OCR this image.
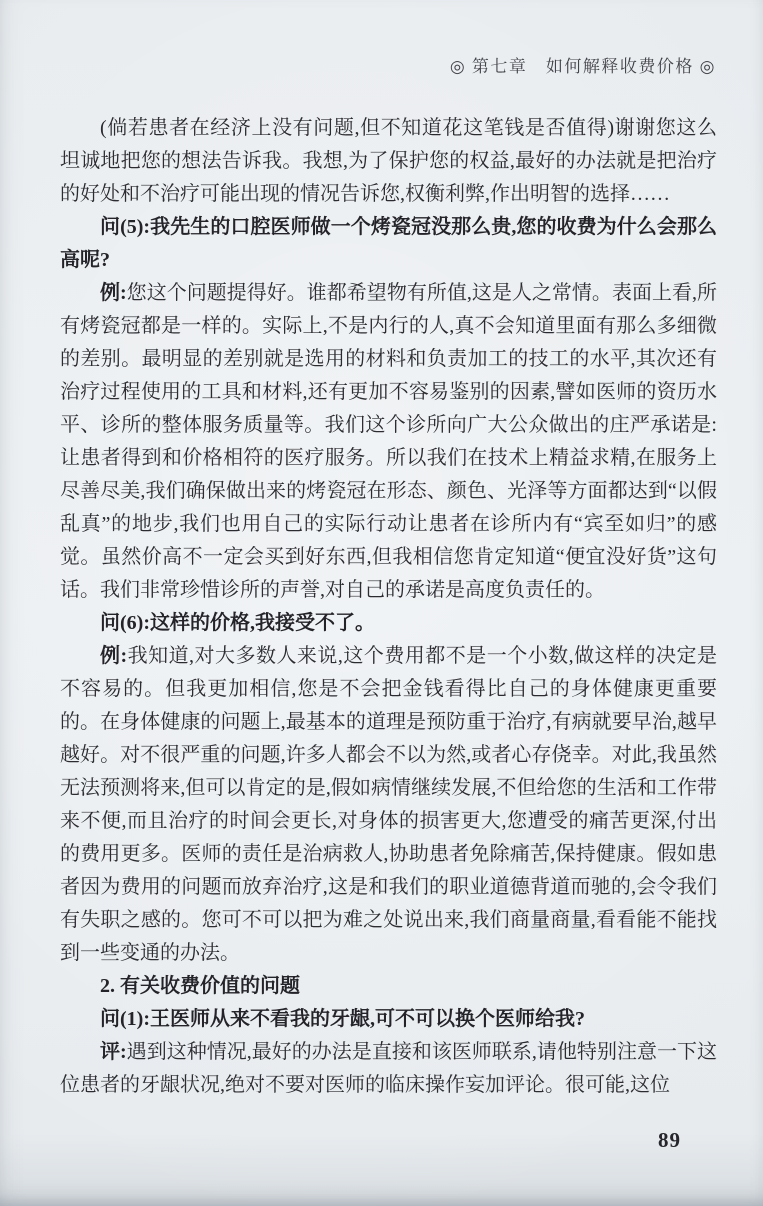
◎ 第七章　如何解释收费价格 ◎

(倘若患者在经济上没有问题,但不知道花这笔钱是否值得)谢谢您这么坦诚地把您的想法告诉我。我想,为了保护您的权益,最好的办法就是把治疗的好处和不治疗可能出现的情况告诉您,权衡利弊,作出明智的选择……

问(5):我先生的口腔医师做一个烤瓷冠没那么贵,您的收费为什么会那么高呢?

例:您这个问题提得好。谁都希望物有所值,这是人之常情。表面上看,所有烤瓷冠都是一样的。实际上,不是内行的人,真不会知道里面有那么多细微的差别。最明显的差别就是选用的材料和负责加工的技工的水平,其次还有治疗过程使用的工具和材料,还有更加不容易鉴别的因素,譬如医师的资历水平、诊所的整体服务质量等。我们这个诊所向广大公众做出的庄严承诺是:让患者得到和价格相符的医疗服务。所以我们在技术上精益求精,在服务上尽善尽美,我们确保做出来的烤瓷冠在形态、颜色、光泽等方面都达到“以假乱真”的地步,我们也用自己的实际行动让患者在诊所内有“宾至如归”的感觉。虽然价高不一定会买到好东西,但我相信您肯定知道“便宜没好货”这句话。我们非常珍惜诊所的声誉,对自己的承诺是高度负责任的。

问(6):这样的价格,我接受不了。

例:我知道,对大多数人来说,这个费用都不是一个小数,做这样的决定是不容易的。但我更加相信,您是不会把金钱看得比自己的身体健康更重要的。在身体健康的问题上,最基本的道理是预防重于治疗,有病就要早治,越早越好。对不很严重的问题,许多人都会不以为然,或者心存侥幸。对此,我虽然无法预测将来,但可以肯定的是,假如病情继续发展,不但给您的生活和工作带来不便,而且治疗的时间会更长,对身体的损害更大,您遭受的痛苦更深,付出的费用更多。医师的责任是治病救人,协助患者免除痛苦,保持健康。假如患者因为费用的问题而放弃治疗,这是和我们的职业道德背道而驰的,会令我们有失职之感的。您可不可以把为难之处说出来,我们商量商量,看看能不能找到一些变通的办法。

2. 有关收费价值的问题

问(1):王医师从来不看我的牙龈,可不可以换个医师给我?

评:遇到这种情况,最好的办法是直接和该医师联系,请他特别注意一下这位患者的牙龈状况,绝对不要对医师的临床操作妄加评论。很可能,这位

89
